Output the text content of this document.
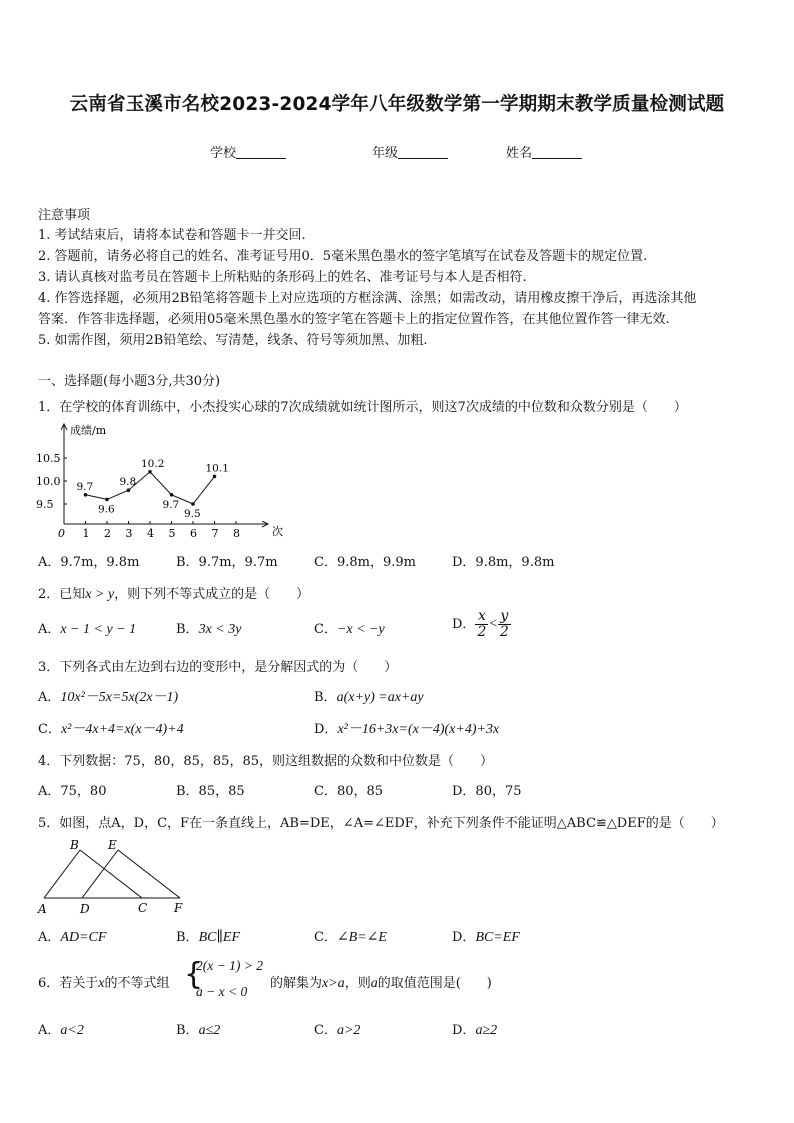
云南省玉溪市名校2023-2024学年八年级数学第一学期期末教学质量检测试题
学校	年级	姓名
注意事项
1. 考试结束后，请将本试卷和答题卡一并交回.
2. 答题前，请务必将自己的姓名、准考证号用0．5毫米黑色墨水的签字笔填写在试卷及答题卡的规定位置.
3. 请认真核对监考员在答题卡上所粘贴的条形码上的姓名、准考证号与本人是否相符.
4. 作答选择题，必须用2B铅笔将答题卡上对应选项的方框涂满、涂黑；如需改动，请用橡皮擦干净后，再选涂其他
答案．作答非选择题，必须用05毫米黑色墨水的签字笔在答题卡上的指定位置作答，在其他位置作答一律无效.
5. 如需作图，须用2B铅笔绘、写清楚，线条、符号等须加黑、加粗.
一、选择题(每小题3分,共30分)
1．在学校的体育训练中，小杰投实心球的7次成绩就如统计图所示，则这7次成绩的中位数和众数分别是（　　）
成绩/m
次
0 1 2 3 4 5 6 7 8
9.5
10.0
10.5
9.7
9.6
9.8
10.2
9.7
9.5
10.1
A．9.7m，9.8m	B．9.7m，9.7m	C．9.8m，9.9m	D．9.8m，9.8m
2．已知x > y，则下列不等式成立的是（　　）
A．x − 1 < y − 1	B．3x < 3y	C．−x < −y	D． $\frac{x}{2} < \frac{y}{2}$
3．下列各式由左边到右边的变形中，是分解因式的为（　　）
A．10x²－5x=5x(2x－1)	B．a(x+y) =ax+ay
C．x²－4x+4=x(x－4)+4	D．x²－16+3x=(x－4)(x+4)+3x
4．下列数据：75，80，85，85，85，则这组数据的众数和中位数是（　　）
A．75，80	B．85，85	C．80，85	D．80，75
5．如图，点A，D，C，F在一条直线上，AB=DE，∠A=∠EDF，补充下列条件不能证明△ABC≌△DEF的是（　　）
B E
A	D	C F
A．AD=CF	B．BC∥EF	C．∠B=∠E	D．BC=EF
6．若关于x的不等式组 {
2(x − 1) > 2
a − x < 0
的解集为x>a，则a的取值范围是(　　)
A．a<2	B．a≤2	C．a>2	D．a≥2
